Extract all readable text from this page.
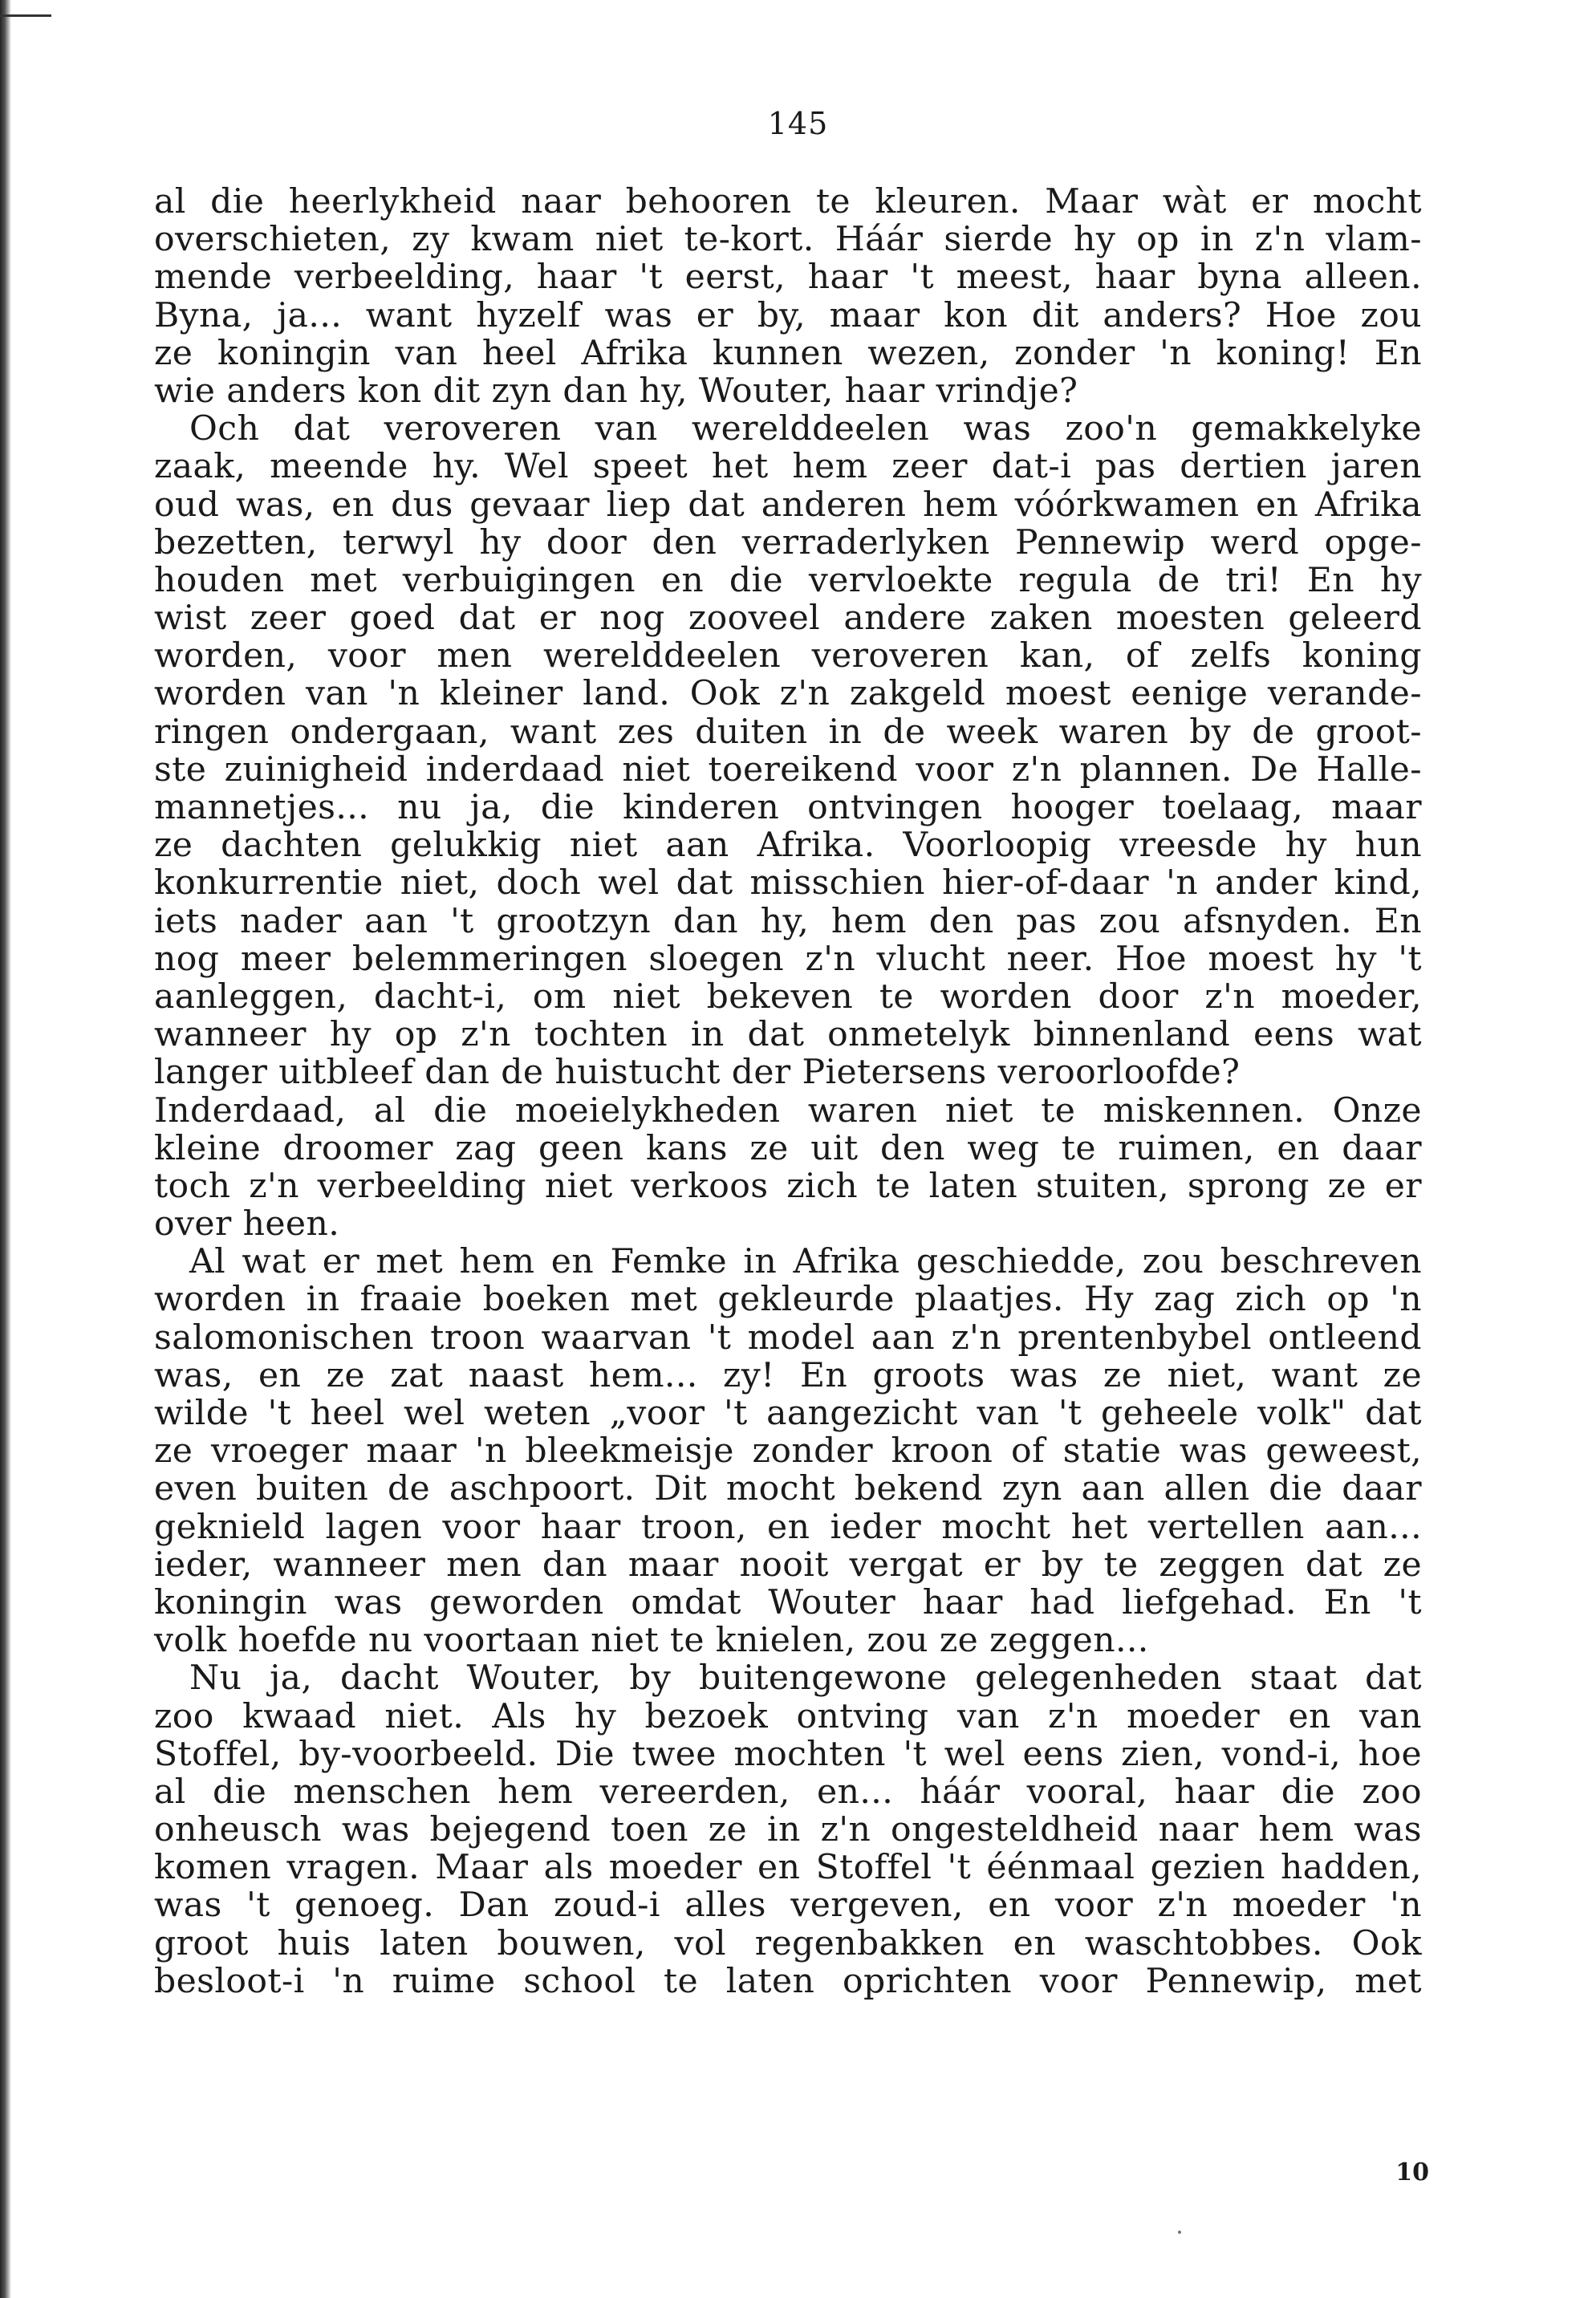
145
al die heerlykheid naar behooren te kleuren. Maar wàt er mocht
overschieten, zy kwam niet te-kort. Háár sierde hy op in z'n vlam-
mende verbeelding, haar 't eerst, haar 't meest, haar byna alleen.
Byna, ja... want hyzelf was er by, maar kon dit anders? Hoe zou
ze koningin van heel Afrika kunnen wezen, zonder 'n koning! En
wie anders kon dit zyn dan hy, Wouter, haar vrindje?
Och dat veroveren van werelddeelen was zoo'n gemakkelyke
zaak, meende hy. Wel speet het hem zeer dat-i pas dertien jaren
oud was, en dus gevaar liep dat anderen hem vóórkwamen en Afrika
bezetten, terwyl hy door den verraderlyken Pennewip werd opge-
houden met verbuigingen en die vervloekte regula de tri! En hy
wist zeer goed dat er nog zooveel andere zaken moesten geleerd
worden, voor men werelddeelen veroveren kan, of zelfs koning
worden van 'n kleiner land. Ook z'n zakgeld moest eenige verande-
ringen ondergaan, want zes duiten in de week waren by de groot-
ste zuinigheid inderdaad niet toereikend voor z'n plannen. De Halle-
mannetjes... nu ja, die kinderen ontvingen hooger toelaag, maar
ze dachten gelukkig niet aan Afrika. Voorloopig vreesde hy hun
konkurrentie niet, doch wel dat misschien hier-of-daar 'n ander kind,
iets nader aan 't grootzyn dan hy, hem den pas zou afsnyden. En
nog meer belemmeringen sloegen z'n vlucht neer. Hoe moest hy 't
aanleggen, dacht-i, om niet bekeven te worden door z'n moeder,
wanneer hy op z'n tochten in dat onmetelyk binnenland eens wat
langer uitbleef dan de huistucht der Pietersens veroorloofde?
Inderdaad, al die moeielykheden waren niet te miskennen. Onze
kleine droomer zag geen kans ze uit den weg te ruimen, en daar
toch z'n verbeelding niet verkoos zich te laten stuiten, sprong ze er
over heen.
Al wat er met hem en Femke in Afrika geschiedde, zou beschreven
worden in fraaie boeken met gekleurde plaatjes. Hy zag zich op 'n
salomonischen troon waarvan 't model aan z'n prentenbybel ontleend
was, en ze zat naast hem... zy! En groots was ze niet, want ze
wilde 't heel wel weten „voor 't aangezicht van 't geheele volk" dat
ze vroeger maar 'n bleekmeisje zonder kroon of statie was geweest,
even buiten de aschpoort. Dit mocht bekend zyn aan allen die daar
geknield lagen voor haar troon, en ieder mocht het vertellen aan...
ieder, wanneer men dan maar nooit vergat er by te zeggen dat ze
koningin was geworden omdat Wouter haar had liefgehad. En 't
volk hoefde nu voortaan niet te knielen, zou ze zeggen...
Nu ja, dacht Wouter, by buitengewone gelegenheden staat dat
zoo kwaad niet. Als hy bezoek ontving van z'n moeder en van
Stoffel, by-voorbeeld. Die twee mochten 't wel eens zien, vond-i, hoe
al die menschen hem vereerden, en... háár vooral, haar die zoo
onheusch was bejegend toen ze in z'n ongesteldheid naar hem was
komen vragen. Maar als moeder en Stoffel 't éénmaal gezien hadden,
was 't genoeg. Dan zoud-i alles vergeven, en voor z'n moeder 'n
groot huis laten bouwen, vol regenbakken en waschtobbes. Ook
besloot-i 'n ruime school te laten oprichten voor Pennewip, met
10
